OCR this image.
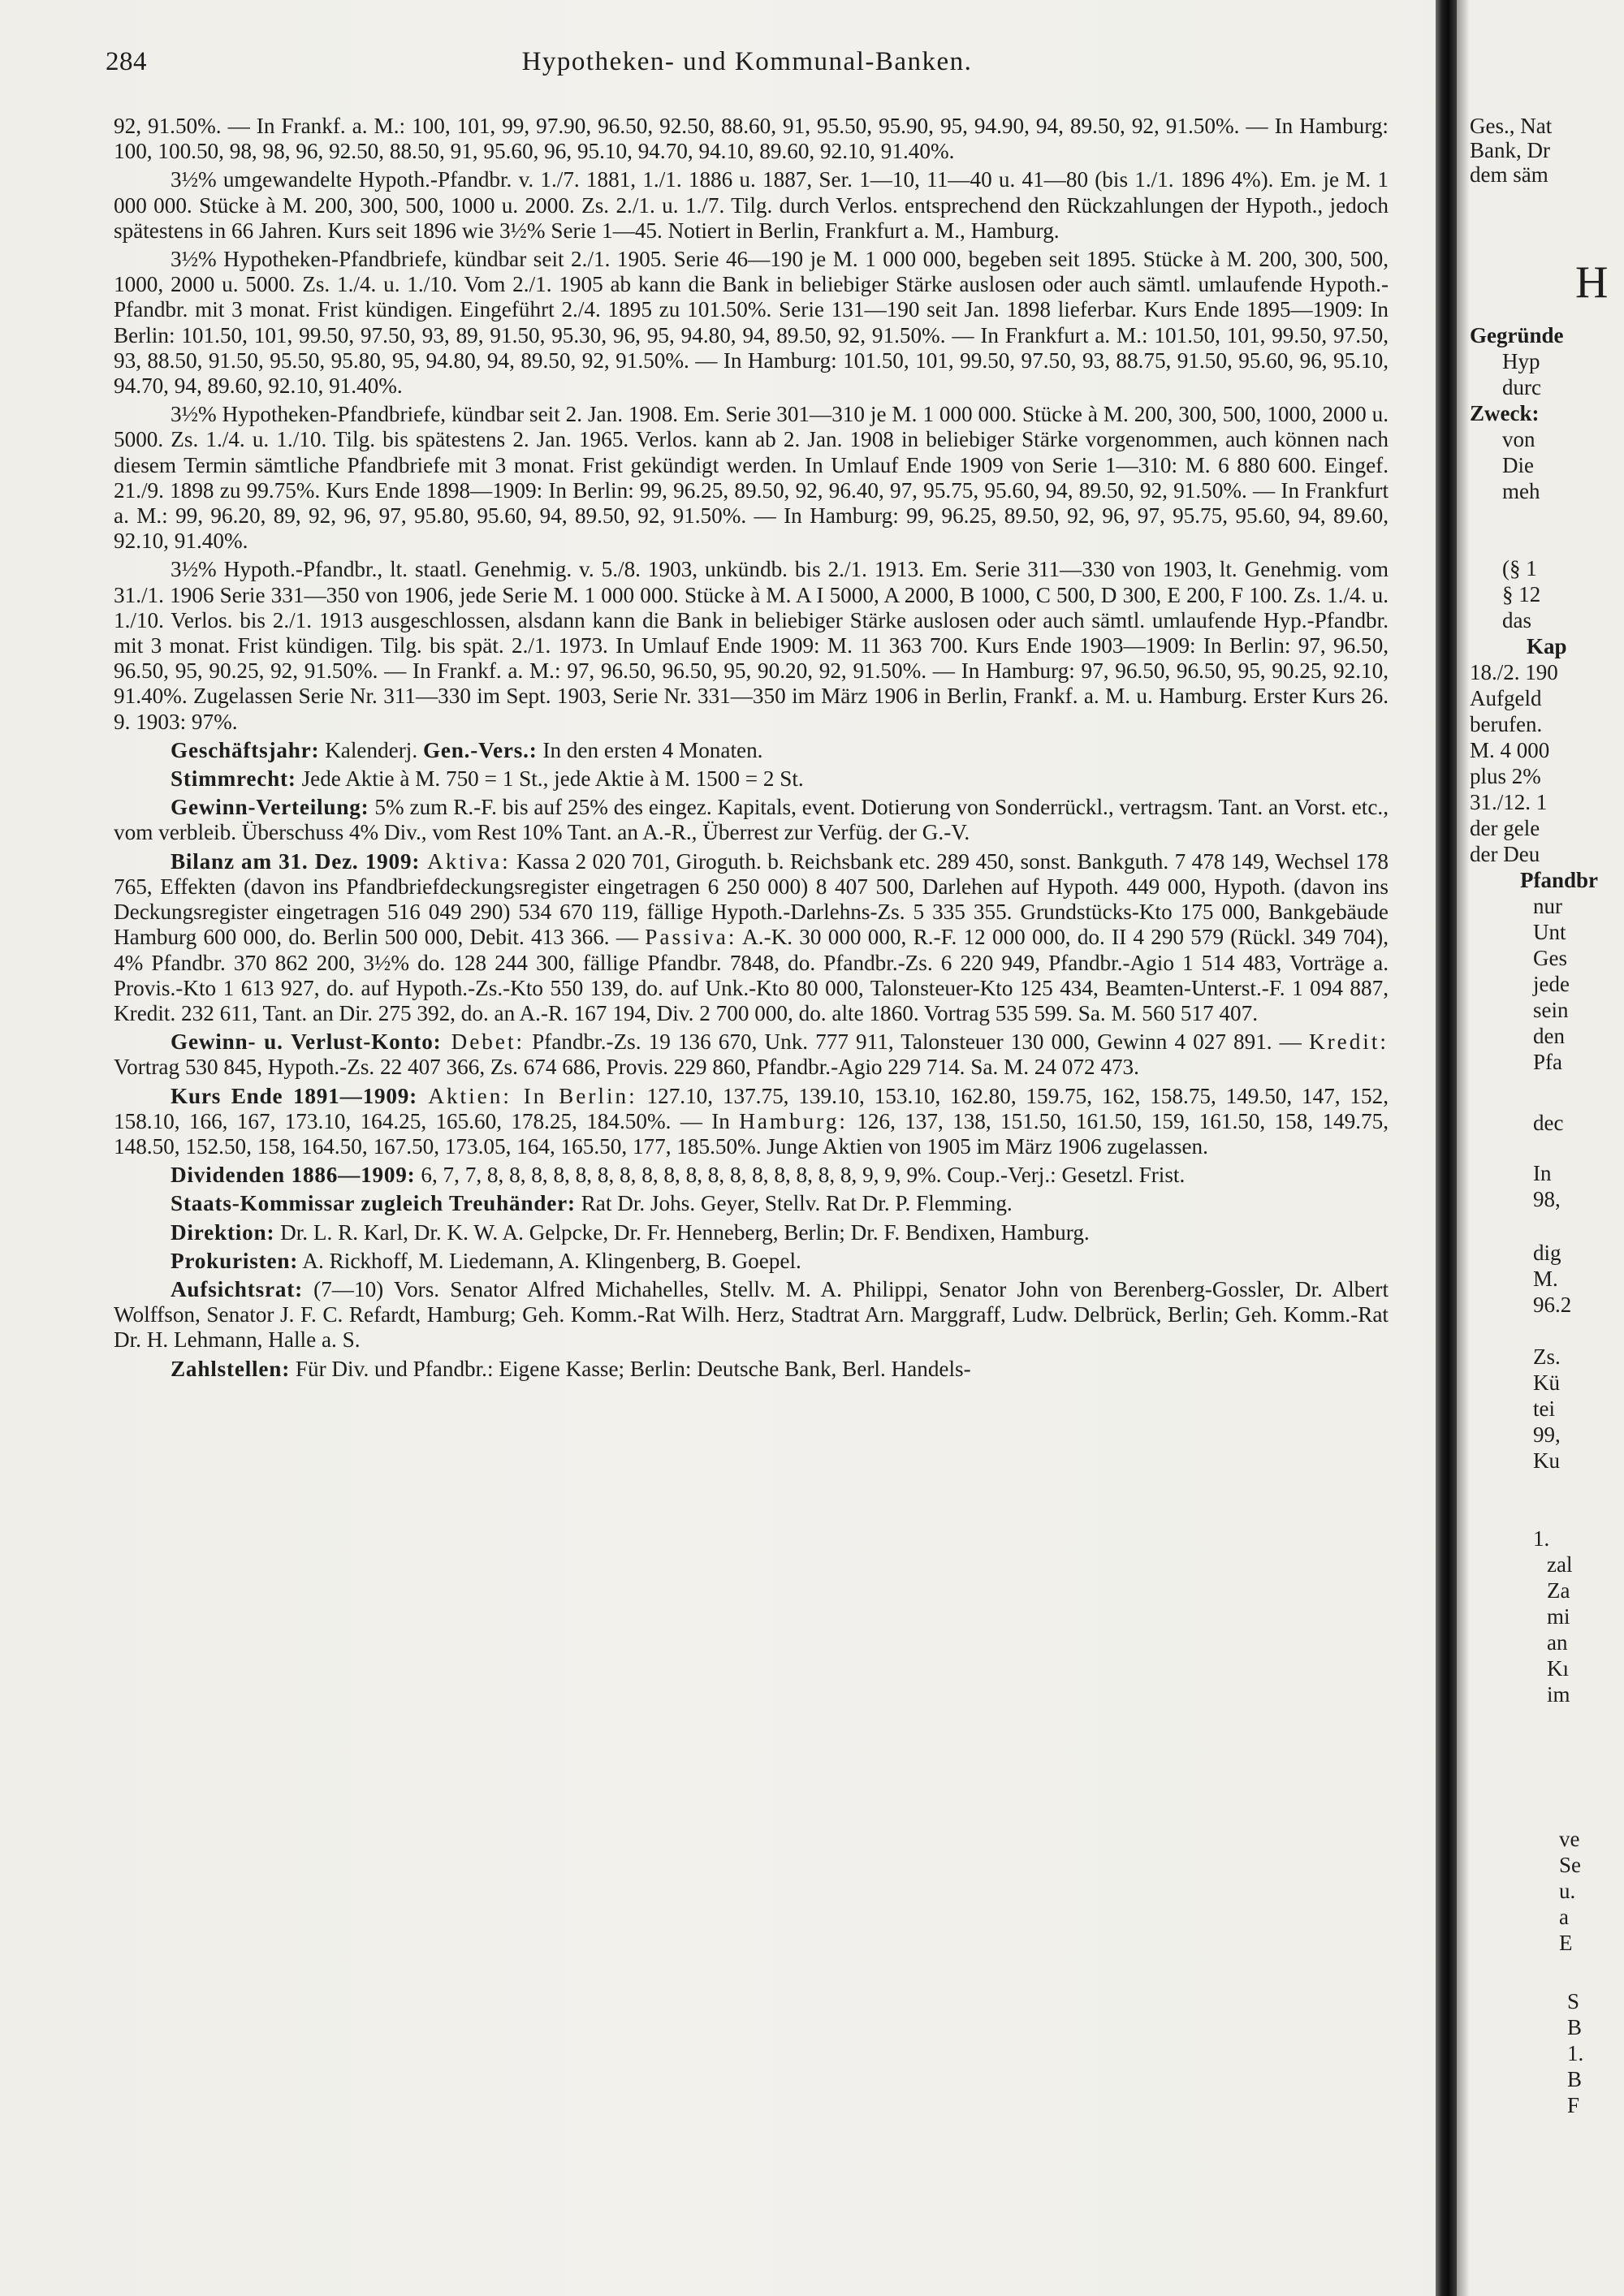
284	Hypotheken- und Kommunal-Banken.

92, 91.50%. — In Frankf. a. M.: 100, 101, 99, 97.90, 96.50, 92.50, 88.60, 91, 95.50, 95.90, 95, 94.90, 94, 89.50, 92, 91.50%. — In Hamburg: 100, 100.50, 98, 98, 96, 92.50, 88.50, 91, 95.60, 96, 95.10, 94.70, 94.10, 89.60, 92.10, 91.40%.

3½% umgewandelte Hypoth.-Pfandbr. v. 1./7. 1881, 1./1. 1886 u. 1887, Ser. 1—10, 11—40 u. 41—80 (bis 1./1. 1896 4%). Em. je M. 1 000 000. Stücke à M. 200, 300, 500, 1000 u. 2000. Zs. 2./1. u. 1./7. Tilg. durch Verlos. entsprechend den Rückzahlungen der Hypoth., jedoch spätestens in 66 Jahren. Kurs seit 1896 wie 3½% Serie 1—45. Notiert in Berlin, Frankfurt a. M., Hamburg.

3½% Hypotheken-Pfandbriefe, kündbar seit 2./1. 1905. Serie 46—190 je M. 1 000 000, begeben seit 1895. Stücke à M. 200, 300, 500, 1000, 2000 u. 5000. Zs. 1./4. u. 1./10. Vom 2./1. 1905 ab kann die Bank in beliebiger Stärke auslosen oder auch sämtl. umlaufende Hypoth.-Pfandbr. mit 3 monat. Frist kündigen. Eingeführt 2./4. 1895 zu 101.50%. Serie 131—190 seit Jan. 1898 lieferbar. Kurs Ende 1895—1909: In Berlin: 101.50, 101, 99.50, 97.50, 93, 89, 91.50, 95.30, 96, 95, 94.80, 94, 89.50, 92, 91.50%. — In Frankfurt a. M.: 101.50, 101, 99.50, 97.50, 93, 88.50, 91.50, 95.50, 95.80, 95, 94.80, 94, 89.50, 92, 91.50%. — In Hamburg: 101.50, 101, 99.50, 97.50, 93, 88.75, 91.50, 95.60, 96, 95.10, 94.70, 94, 89.60, 92.10, 91.40%.

3½% Hypotheken-Pfandbriefe, kündbar seit 2. Jan. 1908. Em. Serie 301—310 je M. 1 000 000. Stücke à M. 200, 300, 500, 1000, 2000 u. 5000. Zs. 1./4. u. 1./10. Tilg. bis spätestens 2. Jan. 1965. Verlos. kann ab 2. Jan. 1908 in beliebiger Stärke vorgenommen, auch können nach diesem Termin sämtliche Pfandbriefe mit 3 monat. Frist gekündigt werden. In Umlauf Ende 1909 von Serie 1—310: M. 6 880 600. Eingef. 21./9. 1898 zu 99.75%. Kurs Ende 1898—1909: In Berlin: 99, 96.25, 89.50, 92, 96.40, 97, 95.75, 95.60, 94, 89.50, 92, 91.50%. — In Frankfurt a. M.: 99, 96.20, 89, 92, 96, 97, 95.80, 95.60, 94, 89.50, 92, 91.50%. — In Hamburg: 99, 96.25, 89.50, 92, 96, 97, 95.75, 95.60, 94, 89.60, 92.10, 91.40%.

3½% Hypoth.-Pfandbr., lt. staatl. Genehmig. v. 5./8. 1903, unkündb. bis 2./1. 1913. Em. Serie 311—330 von 1903, lt. Genehmig. vom 31./1. 1906 Serie 331—350 von 1906, jede Serie M. 1 000 000. Stücke à M. A I 5000, A 2000, B 1000, C 500, D 300, E 200, F 100. Zs. 1./4. u. 1./10. Verlos. bis 2./1. 1913 ausgeschlossen, alsdann kann die Bank in beliebiger Stärke auslosen oder auch sämtl. umlaufende Hyp.-Pfandbr. mit 3 monat. Frist kündigen. Tilg. bis spät. 2./1. 1973. In Umlauf Ende 1909: M. 11 363 700. Kurs Ende 1903—1909: In Berlin: 97, 96.50, 96.50, 95, 90.25, 92, 91.50%. — In Frankf. a. M.: 97, 96.50, 96.50, 95, 90.20, 92, 91.50%. — In Hamburg: 97, 96.50, 96.50, 95, 90.25, 92.10, 91.40%. Zugelassen Serie Nr. 311—330 im Sept. 1903, Serie Nr. 331—350 im März 1906 in Berlin, Frankf. a. M. u. Hamburg. Erster Kurs 26. 9. 1903: 97%.

Geschäftsjahr: Kalenderj. Gen.-Vers.: In den ersten 4 Monaten.

Stimmrecht: Jede Aktie à M. 750 = 1 St., jede Aktie à M. 1500 = 2 St.

Gewinn-Verteilung: 5% zum R.-F. bis auf 25% des eingez. Kapitals, event. Dotierung von Sonderrückl., vertragsm. Tant. an Vorst. etc., vom verbleib. Überschuss 4% Div., vom Rest 10% Tant. an A.-R., Überrest zur Verfüg. der G.-V.

Bilanz am 31. Dez. 1909: Aktiva: Kassa 2 020 701, Giroguth. b. Reichsbank etc. 289 450, sonst. Bankguth. 7 478 149, Wechsel 178 765, Effekten (davon ins Pfandbriefdeckungsregister eingetragen 6 250 000) 8 407 500, Darlehen auf Hypoth. 449 000, Hypoth. (davon ins Deckungsregister eingetragen 516 049 290) 534 670 119, fällige Hypoth.-Darlehns-Zs. 5 335 355. Grundstücks-Kto 175 000, Bankgebäude Hamburg 600 000, do. Berlin 500 000, Debit. 413 366. — Passiva: A.-K. 30 000 000, R.-F. 12 000 000, do. II 4 290 579 (Rückl. 349 704), 4% Pfandbr. 370 862 200, 3½% do. 128 244 300, fällige Pfandbr. 7848, do. Pfandbr.-Zs. 6 220 949, Pfandbr.-Agio 1 514 483, Vorträge a. Provis.-Kto 1 613 927, do. auf Hypoth.-Zs.-Kto 550 139, do. auf Unk.-Kto 80 000, Talonsteuer-Kto 125 434, Beamten-Unterst.-F. 1 094 887, Kredit. 232 611, Tant. an Dir. 275 392, do. an A.-R. 167 194, Div. 2 700 000, do. alte 1860. Vortrag 535 599. Sa. M. 560 517 407.

Gewinn- u. Verlust-Konto: Debet: Pfandbr.-Zs. 19 136 670, Unk. 777 911, Talonsteuer 130 000, Gewinn 4 027 891. — Kredit: Vortrag 530 845, Hypoth.-Zs. 22 407 366, Zs. 674 686, Provis. 229 860, Pfandbr.-Agio 229 714. Sa. M. 24 072 473.

Kurs Ende 1891—1909: Aktien: In Berlin: 127.10, 137.75, 139.10, 153.10, 162.80, 159.75, 162, 158.75, 149.50, 147, 152, 158.10, 166, 167, 173.10, 164.25, 165.60, 178.25, 184.50%. — In Hamburg: 126, 137, 138, 151.50, 161.50, 159, 161.50, 158, 149.75, 148.50, 152.50, 158, 164.50, 167.50, 173.05, 164, 165.50, 177, 185.50%. Junge Aktien von 1905 im März 1906 zugelassen.

Dividenden 1886—1909: 6, 7, 7, 8, 8, 8, 8, 8, 8, 8, 8, 8, 8, 8, 8, 8, 8, 8, 8, 8, 9, 9, 9%. Coup.-Verj.: Gesetzl. Frist.

Staats-Kommissar zugleich Treuhänder: Rat Dr. Johs. Geyer, Stellv. Rat Dr. P. Flemming.

Direktion: Dr. L. R. Karl, Dr. K. W. A. Gelpcke, Dr. Fr. Henneberg, Berlin; Dr. F. Bendixen, Hamburg.

Prokuristen: A. Rickhoff, M. Liedemann, A. Klingenberg, B. Goepel.

Aufsichtsrat: (7—10) Vors. Senator Alfred Michahelles, Stellv. M. A. Philippi, Senator John von Berenberg-Gossler, Dr. Albert Wolffson, Senator J. F. C. Refardt, Hamburg; Geh. Komm.-Rat Wilh. Herz, Stadtrat Arn. Marggraff, Ludw. Delbrück, Berlin; Geh. Komm.-Rat Dr. H. Lehmann, Halle a. S.

Zahlstellen: Für Div. und Pfandbr.: Eigene Kasse; Berlin: Deutsche Bank, Berl. Handels-

Ges., Nat
Bank, Dr
dem säm
H
Gegründe
Hyp
durc
Zweck:
von
Die
meh
(§ 1
§ 12
das
Kap
18./2. 190
Aufgeld
berufen.
M. 4 000
plus 2%
31./12. 1
der gele
der Deu
Pfandbr
nur
Unt
Ges
jede
sein
den
Pfa
dec
In
98,
dig
M.
96.2
Zs.
Kü
tei
99,
Ku
1.
zal
Za
mi
an
Kı
im
ve
Se
u.
a
E
S
B
1.
B
F
